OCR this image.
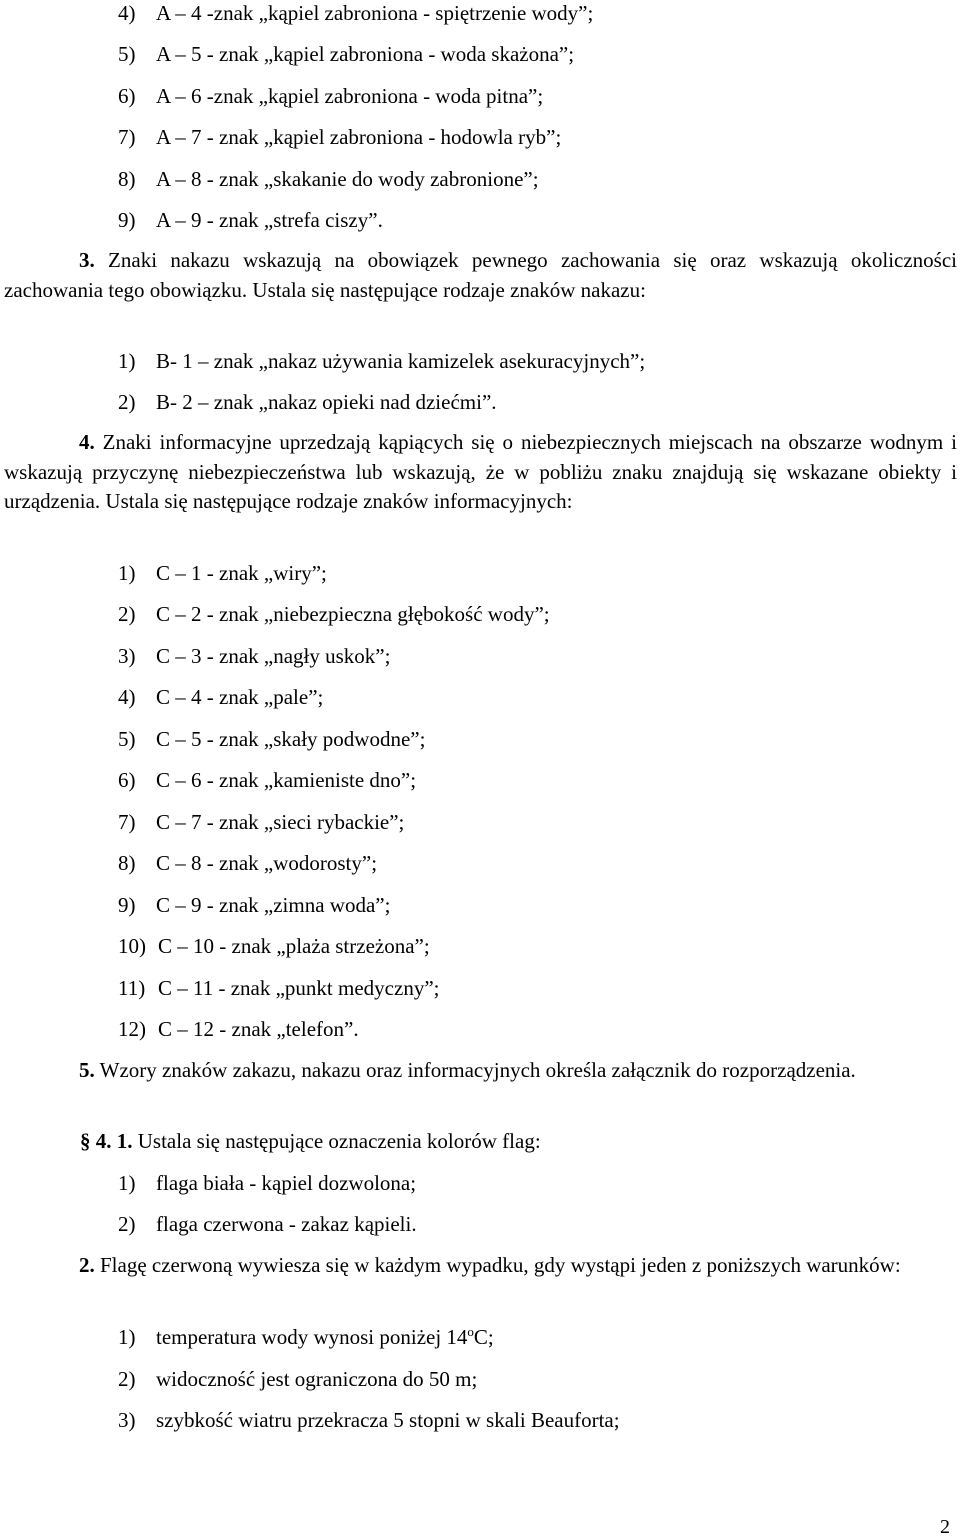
4) A – 4 -znak „kąpiel zabroniona - spiętrzenie wody”;
5) A – 5 - znak „kąpiel zabroniona - woda skażona”;
6) A – 6 -znak „kąpiel zabroniona - woda pitna”;
7) A – 7 - znak „kąpiel zabroniona - hodowla ryb”;
8) A – 8 - znak „skakanie do wody zabronione”;
9) A – 9 - znak „strefa ciszy”.
3. Znaki nakazu wskazują na obowiązek pewnego zachowania się oraz wskazują okoliczności zachowania tego obowiązku. Ustala się następujące rodzaje znaków nakazu:
1) B- 1 – znak „nakaz używania kamizelek asekuracyjnych”;
2) B- 2 – znak „nakaz opieki nad dziećmi”.
4. Znaki informacyjne uprzedzają kąpiących się o niebezpiecznych miejscach na obszarze wodnym i wskazują przyczynę niebezpieczeństwa lub wskazują, że w pobliżu znaku znajdują się wskazane obiekty i urządzenia. Ustala się następujące rodzaje znaków informacyjnych:
1) C – 1 - znak „wiry”;
2) C – 2 - znak „niebezpieczna głębokość wody”;
3) C – 3 - znak „nagły uskok”;
4) C – 4 - znak „pale”;
5) C – 5 - znak „skały podwodne”;
6) C – 6 - znak „kamieniste dno”;
7) C – 7 - znak „sieci rybackie”;
8) C – 8 - znak „wodorosty”;
9) C – 9 - znak „zimna woda”;
10) C – 10 - znak „plaża strzeżona”;
11) C – 11 - znak „punkt medyczny”;
12) C – 12 - znak „telefon”.
5. Wzory znaków zakazu, nakazu oraz informacyjnych określa załącznik do rozporządzenia.
§ 4. 1. Ustala się następujące oznaczenia kolorów flag:
1) flaga biała - kąpiel dozwolona;
2) flaga czerwona - zakaz kąpieli.
2. Flagę czerwoną wywiesza się w każdym wypadku, gdy wystąpi jeden z poniższych warunków:
1) temperatura wody wynosi poniżej 14$^o$C;
2) widoczność jest ograniczona do 50 m;
3) szybkość wiatru przekracza 5 stopni w skali Beauforta;
2
